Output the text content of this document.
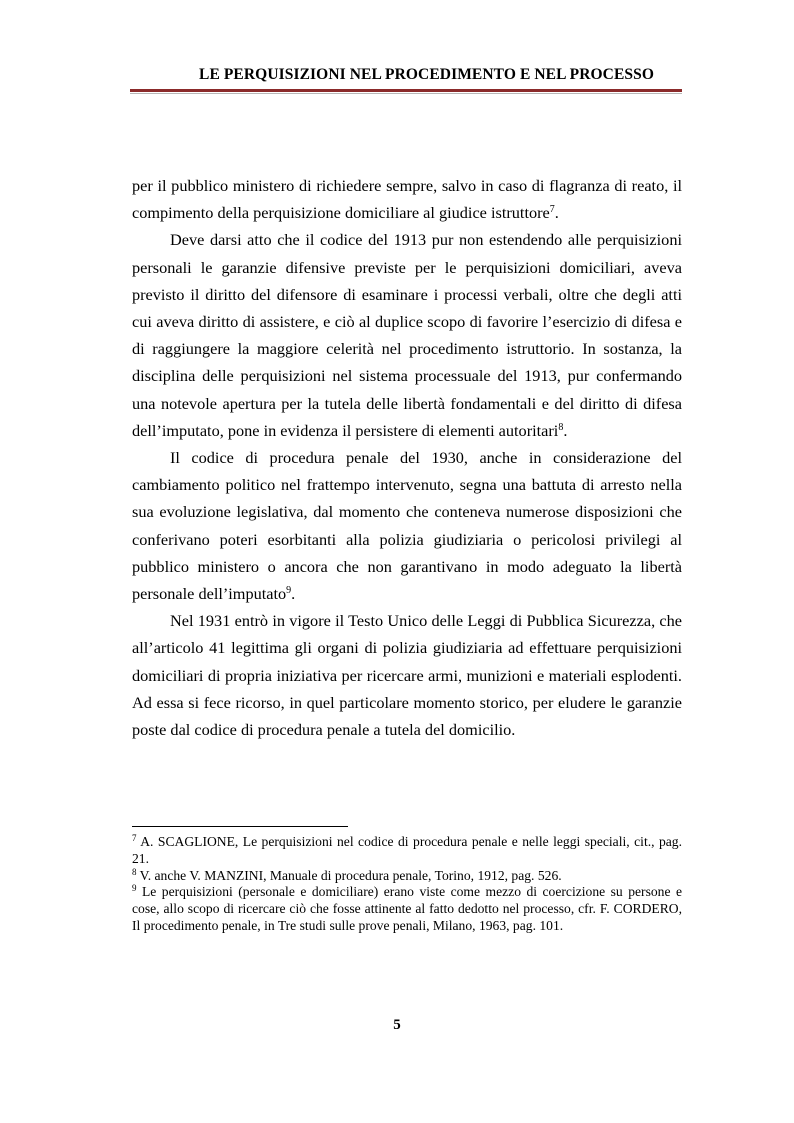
LE PERQUISIZIONI NEL PROCEDIMENTO E NEL PROCESSO

per il pubblico ministero di richiedere sempre, salvo in caso di flagranza di reato, il compimento della perquisizione domiciliare al giudice istruttore$^7$.

Deve darsi atto che il codice del 1913 pur non estendendo alle perquisizioni personali le garanzie difensive previste per le perquisizioni domiciliari, aveva previsto il diritto del difensore di esaminare i processi verbali, oltre che degli atti cui aveva diritto di assistere, e ciò al duplice scopo di favorire l’esercizio di difesa e di raggiungere la maggiore celerità nel procedimento istruttorio. In sostanza, la disciplina delle perquisizioni nel sistema processuale del 1913, pur confermando una notevole apertura per la tutela delle libertà fondamentali e del diritto di difesa dell’imputato, pone in evidenza il persistere di elementi autoritari$^8$.

Il codice di procedura penale del 1930, anche in considerazione del cambiamento politico nel frattempo intervenuto, segna una battuta di arresto nella sua evoluzione legislativa, dal momento che conteneva numerose disposizioni che conferivano poteri esorbitanti alla polizia giudiziaria o pericolosi privilegi al pubblico ministero o ancora che non garantivano in modo adeguato la libertà personale dell’imputato$^9$.

Nel 1931 entrò in vigore il Testo Unico delle Leggi di Pubblica Sicurezza, che all’articolo 41 legittima gli organi di polizia giudiziaria ad effettuare perquisizioni domiciliari di propria iniziativa per ricercare armi, munizioni e materiali esplodenti. Ad essa si fece ricorso, in quel particolare momento storico, per eludere le garanzie poste dal codice di procedura penale a tutela del domicilio.

$^7$ A. SCAGLIONE, Le perquisizioni nel codice di procedura penale e nelle leggi speciali, cit., pag. 21.

$^8$ V. anche V. MANZINI, Manuale di procedura penale, Torino, 1912, pag. 526.

$^9$ Le perquisizioni (personale e domiciliare) erano viste come mezzo di coercizione su persone e cose, allo scopo di ricercare ciò che fosse attinente al fatto dedotto nel processo, cfr. F. CORDERO, Il procedimento penale, in Tre studi sulle prove penali, Milano, 1963, pag. 101.

5
